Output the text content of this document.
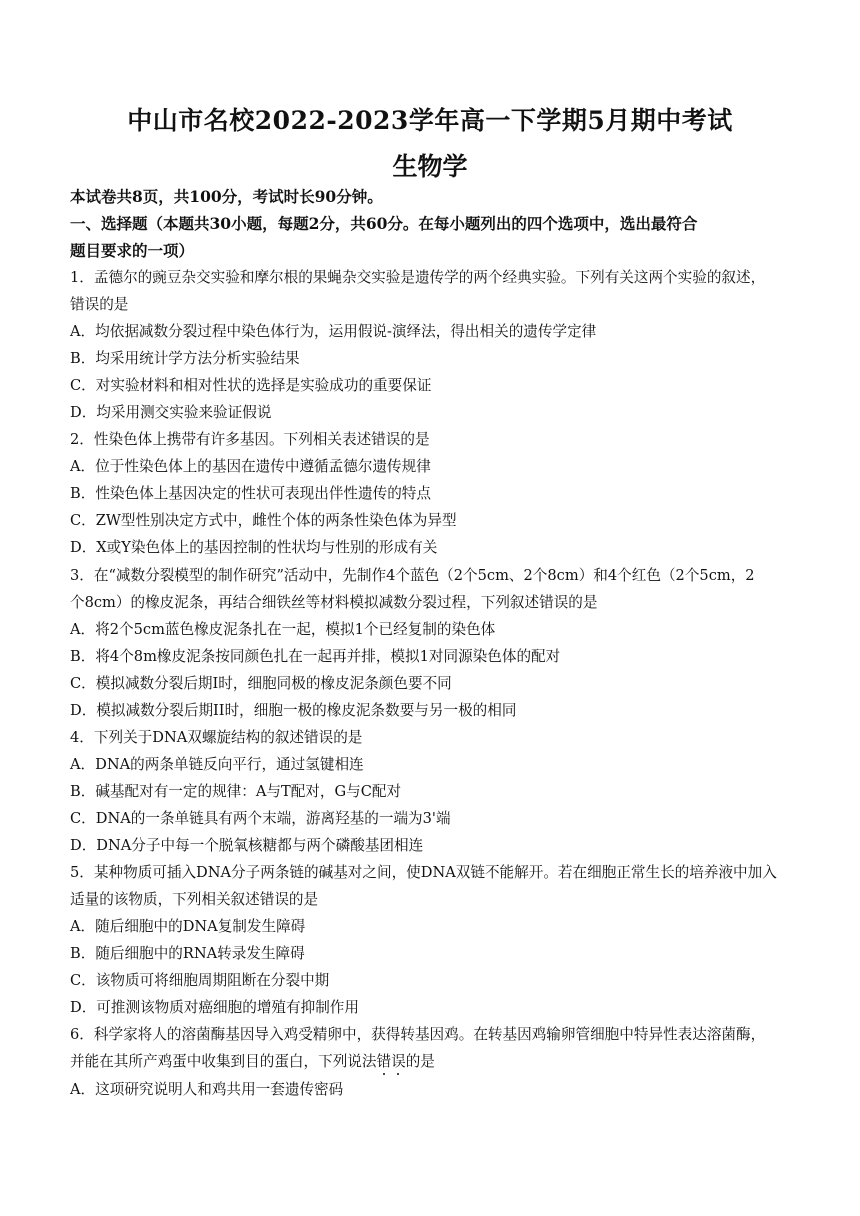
中山市名校2022-2023学年高一下学期5月期中考试
生物学
本试卷共8页，共100分，考试时长90分钟。
一、选择题（本题共30小题，每题2分，共60分。在每小题列出的四个选项中，选出最符合
题目要求的一项）
1．孟德尔的豌豆杂交实验和摩尔根的果蝇杂交实验是遗传学的两个经典实验。下列有关这两个实验的叙述，
错误的是
A．均依据减数分裂过程中染色体行为，运用假说-演绎法，得出相关的遗传学定律
B．均采用统计学方法分析实验结果
C．对实验材料和相对性状的选择是实验成功的重要保证
D．均采用测交实验来验证假说
2．性染色体上携带有许多基因。下列相关表述错误的是
A．位于性染色体上的基因在遗传中遵循孟德尔遗传规律
B．性染色体上基因决定的性状可表现出伴性遗传的特点
C．ZW型性别决定方式中，雌性个体的两条性染色体为异型
D．X或Y染色体上的基因控制的性状均与性别的形成有关
3．在“减数分裂模型的制作研究”活动中，先制作4个蓝色（2个5cm、2个8cm）和4个红色（2个5cm，2
个8cm）的橡皮泥条，再结合细铁丝等材料模拟减数分裂过程，下列叙述错误的是
A．将2个5cm蓝色橡皮泥条扎在一起，模拟1个已经复制的染色体
B．将4个8m橡皮泥条按同颜色扎在一起再并排，模拟1对同源染色体的配对
C．模拟减数分裂后期I时，细胞同极的橡皮泥条颜色要不同
D．模拟减数分裂后期II时，细胞一极的橡皮泥条数要与另一极的相同
4．下列关于DNA双螺旋结构的叙述错误的是
A．DNA的两条单链反向平行，通过氢键相连
B．碱基配对有一定的规律：A与T配对，G与C配对
C．DNA的一条单链具有两个末端，游离羟基的一端为3'端
D．DNA分子中每一个脱氧核糖都与两个磷酸基团相连
5．某种物质可插入DNA分子两条链的碱基对之间，使DNA双链不能解开。若在细胞正常生长的培养液中加入
适量的该物质，下列相关叙述错误的是
A．随后细胞中的DNA复制发生障碍
B．随后细胞中的RNA转录发生障碍
C．该物质可将细胞周期阻断在分裂中期
D．可推测该物质对癌细胞的增殖有抑制作用
6．科学家将人的溶菌酶基因导入鸡受精卵中，获得转基因鸡。在转基因鸡输卵管细胞中特异性表达溶菌酶，
并能在其所产鸡蛋中收集到目的蛋白，下列说法错误的是
A．这项研究说明人和鸡共用一套遗传密码
